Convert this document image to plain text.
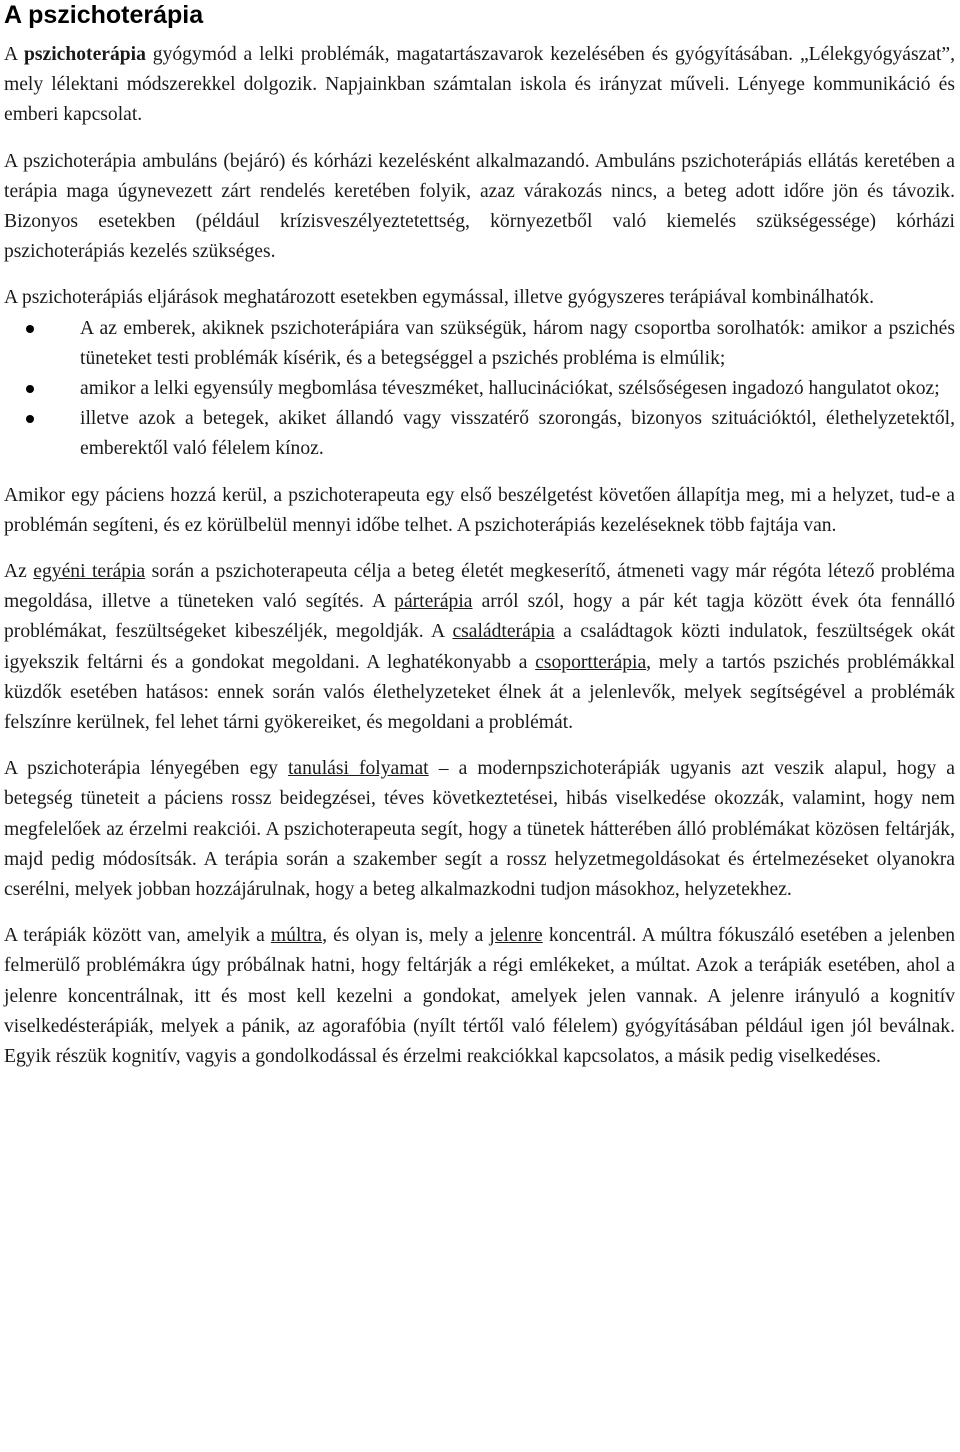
A pszichoterápia

A pszichoterápia gyógymód a lelki problémák, magatartászavarok kezelésében és gyógyításában. „Lélekgyógyászat”, mely lélektani módszerekkel dolgozik. Napjainkban számtalan iskola és irányzat műveli. Lényege kommunikáció és emberi kapcsolat.

A pszichoterápia ambuláns (bejáró) és kórházi kezelésként alkalmazandó. Ambuláns pszichoterápiás ellátás keretében a terápia maga úgynevezett zárt rendelés keretében folyik, azaz várakozás nincs, a beteg adott időre jön és távozik. Bizonyos esetekben (például krízisveszélyeztetettség, környezetből való kiemelés szükségessége) kórházi pszichoterápiás kezelés szükséges.

A pszichoterápiás eljárások meghatározott esetekben egymással, illetve gyógyszeres terápiával kombinálhatók.

A az emberek, akiknek pszichoterápiára van szükségük, három nagy csoportba sorolhatók: amikor a pszichés tüneteket testi problémák kísérik, és a betegséggel a pszichés probléma is elmúlik;
amikor a lelki egyensúly megbomlása téveszméket, hallucinációkat, szélsőségesen ingadozó hangulatot okoz;
illetve azok a betegek, akiket állandó vagy visszatérő szorongás, bizonyos szituációktól, élethelyzetektől, emberektől való félelem kínoz.

Amikor egy páciens hozzá kerül, a pszichoterapeuta egy első beszélgetést követően állapítja meg, mi a helyzet, tud-e a problémán segíteni, és ez körülbelül mennyi időbe telhet. A pszichoterápiás kezeléseknek több fajtája van.

Az egyéni terápia során a pszichoterapeuta célja a beteg életét megkeserítő, átmeneti vagy már régóta létező probléma megoldása, illetve a tüneteken való segítés. A párterápia arról szól, hogy a pár két tagja között évek óta fennálló problémákat, feszültségeket kibeszéljék, megoldják. A családterápia a családtagok közti indulatok, feszültségek okát igyekszik feltárni és a gondokat megoldani. A leghatékonyabb a csoportterápia, mely a tartós pszichés problémákkal küzdők esetében hatásos: ennek során valós élethelyzeteket élnek át a jelenlevők, melyek segítségével a problémák felszínre kerülnek, fel lehet tárni gyökereiket, és megoldani a problémát.

A pszichoterápia lényegében egy tanulási folyamat – a modernpszichoterápiák ugyanis azt veszik alapul, hogy a betegség tüneteit a páciens rossz beidegzései, téves következtetései, hibás viselkedése okozzák, valamint, hogy nem megfelelőek az érzelmi reakciói. A pszichoterapeuta segít, hogy a tünetek hátterében álló problémákat közösen feltárják, majd pedig módosítsák. A terápia során a szakember segít a rossz helyzetmegoldásokat és értelmezéseket olyanokra cserélni, melyek jobban hozzájárulnak, hogy a beteg alkalmazkodni tudjon másokhoz, helyzetekhez.

A terápiák között van, amelyik a múltra, és olyan is, mely a jelenre koncentrál. A múltra fókuszáló esetében a jelenben felmerülő problémákra úgy próbálnak hatni, hogy feltárják a régi emlékeket, a múltat. Azok a terápiák esetében, ahol a jelenre koncentrálnak, itt és most kell kezelni a gondokat, amelyek jelen vannak. A jelenre irányuló a kognitív viselkedésterápiák, melyek a pánik, az agorafóbia (nyílt tértől való félelem) gyógyításában például igen jól beválnak. Egyik részük kognitív, vagyis a gondolkodással és érzelmi reakciókkal kapcsolatos, a másik pedig viselkedéses.
